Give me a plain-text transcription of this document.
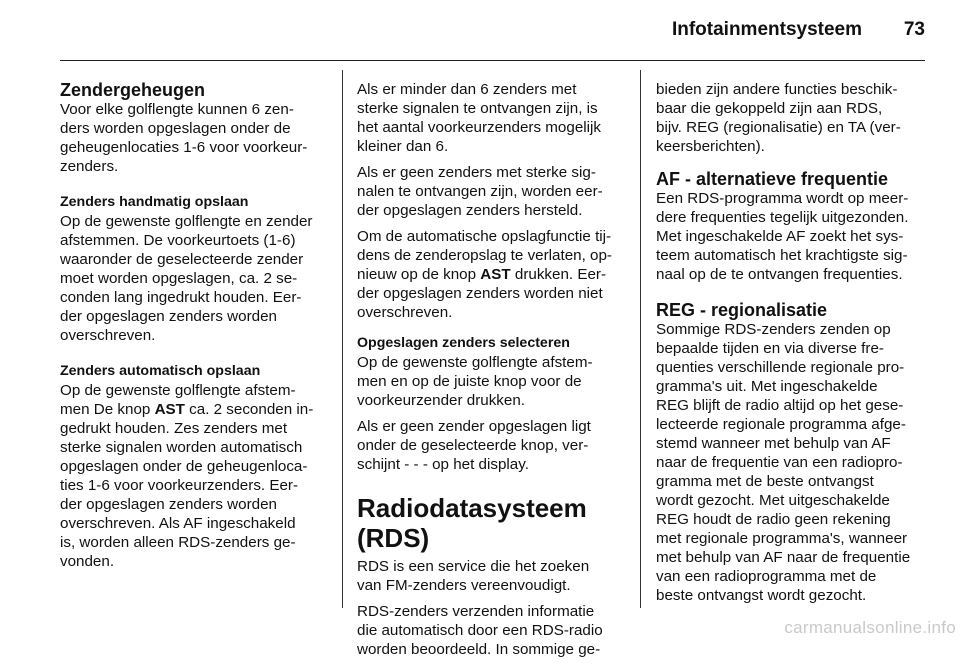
Infotainmentsysteem	73
Zendergeheugen

Voor elke golflengte kunnen 6 zen-
ders worden opgeslagen onder de
geheugenlocaties 1-6 voor voorkeur-
zenders.

Zenders handmatig opslaan

Op de gewenste golflengte en zender
afstemmen. De voorkeurtoets (1-6)
waaronder de geselecteerde zender
moet worden opgeslagen, ca. 2 se-
conden lang ingedrukt houden. Eer-
der opgeslagen zenders worden
overschreven.

Zenders automatisch opslaan

Op de gewenste golflengte afstem-
men De knop AST ca. 2 seconden in-
gedrukt houden. Zes zenders met
sterke signalen worden automatisch
opgeslagen onder de geheugenloca-
ties 1-6 voor voorkeurzenders. Eer-
der opgeslagen zenders worden
overschreven. Als AF ingeschakeld
is, worden alleen RDS-zenders ge-
vonden.

Als er minder dan 6 zenders met
sterke signalen te ontvangen zijn, is
het aantal voorkeurzenders mogelijk
kleiner dan 6.

Als er geen zenders met sterke sig-
nalen te ontvangen zijn, worden eer-
der opgeslagen zenders hersteld.

Om de automatische opslagfunctie tij-
dens de zenderopslag te verlaten, op-
nieuw op de knop AST drukken. Eer-
der opgeslagen zenders worden niet
overschreven.

Opgeslagen zenders selecteren

Op de gewenste golflengte afstem-
men en op de juiste knop voor de
voorkeurzender drukken.

Als er geen zender opgeslagen ligt
onder de geselecteerde knop, ver-
schijnt - - - op het display.

Radiodatasysteem (RDS)

RDS is een service die het zoeken
van FM-zenders vereenvoudigt.

RDS-zenders verzenden informatie
die automatisch door een RDS-radio
worden beoordeeld. In sommige ge-

bieden zijn andere functies beschik-
baar die gekoppeld zijn aan RDS,
bijv. REG (regionalisatie) en TA (ver-
keersberichten).

AF - alternatieve frequentie

Een RDS-programma wordt op meer-
dere frequenties tegelijk uitgezonden.
Met ingeschakelde AF zoekt het sys-
teem automatisch het krachtigste sig-
naal op de te ontvangen frequenties.

REG - regionalisatie

Sommige RDS-zenders zenden op
bepaalde tijden en via diverse fre-
quenties verschillende regionale pro-
gramma's uit. Met ingeschakelde
REG blijft de radio altijd op het gese-
lecteerde regionale programma afge-
stemd wanneer met behulp van AF
naar de frequentie van een radiopro-
gramma met de beste ontvangst
wordt gezocht. Met uitgeschakelde
REG houdt de radio geen rekening
met regionale programma's, wanneer
met behulp van AF naar de frequentie
van een radioprogramma met de
beste ontvangst wordt gezocht.

carmanualsonline.info
